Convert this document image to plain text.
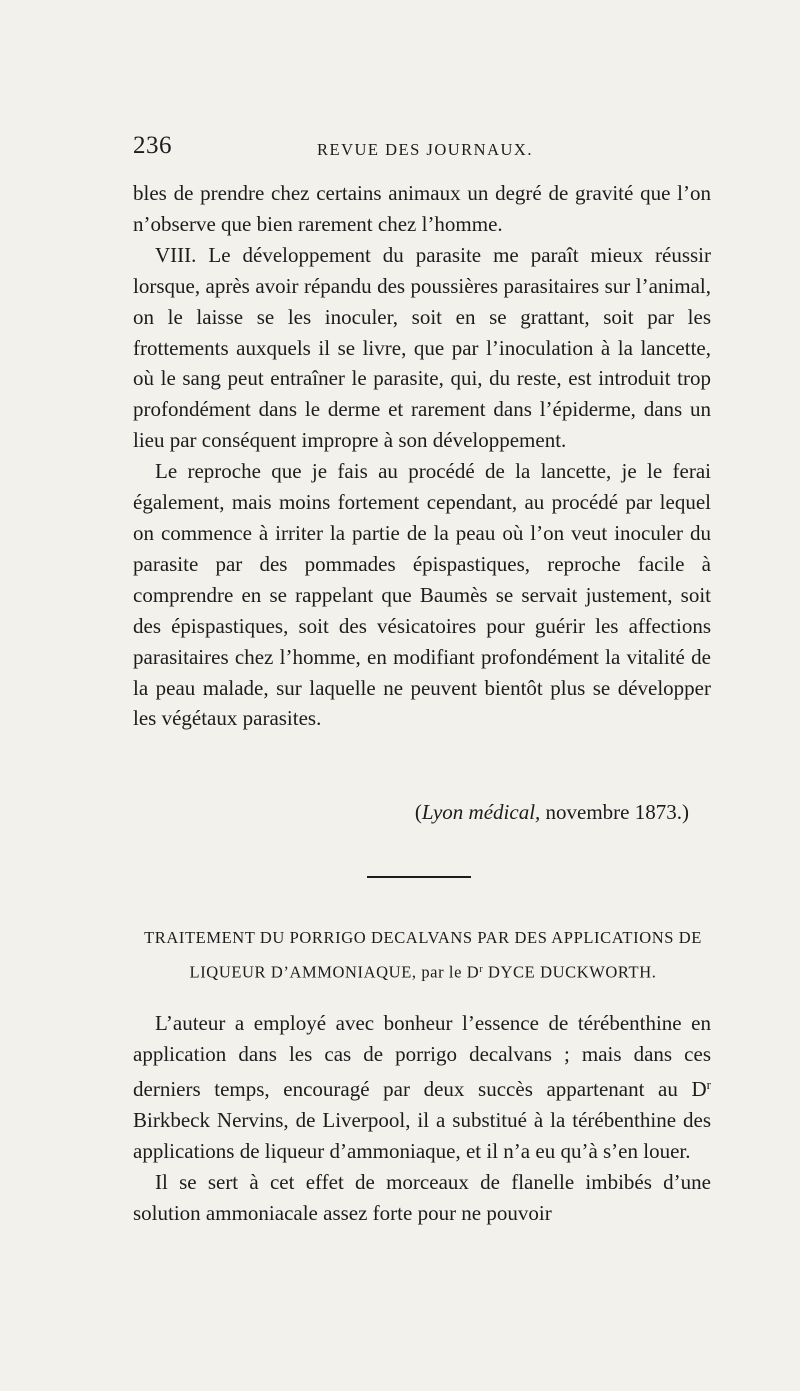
236	REVUE DES JOURNAUX.

bles de prendre chez certains animaux un degré de gravité que l’on n’observe que bien rarement chez l’homme.

VIII. Le développement du parasite me paraît mieux réussir lorsque, après avoir répandu des poussières parasitaires sur l’animal, on le laisse se les inoculer, soit en se grattant, soit par les frottements auxquels il se livre, que par l’inoculation à la lancette, où le sang peut entraîner le parasite, qui, du reste, est introduit trop profondément dans le derme et rarement dans l’épiderme, dans un lieu par conséquent impropre à son développement.

Le reproche que je fais au procédé de la lancette, je le ferai également, mais moins fortement cependant, au procédé par lequel on commence à irriter la partie de la peau où l’on veut inoculer du parasite par des pommades épispastiques, reproche facile à comprendre en se rappelant que Baumès se servait justement, soit des épispastiques, soit des vésicatoires pour guérir les affections parasitaires chez l’homme, en modifiant profondément la vitalité de la peau malade, sur laquelle ne peuvent bientôt plus se développer les végétaux parasites.

(Lyon médical, novembre 1873.)
TRAITEMENT DU PORRIGO DECALVANS PAR DES APPLICATIONS DE
LIQUEUR D’AMMONIAQUE, par le $D^r$ DYCE DUCKWORTH.

L’auteur a employé avec bonheur l’essence de térébenthine en application dans les cas de porrigo decalvans ; mais dans ces derniers temps, encouragé par deux succès appartenant au $D^r$ Birkbeck Nervins, de Liverpool, il a substitué à la térébenthine des applications de liqueur d’ammoniaque, et il n’a eu qu’à s’en louer.

Il se sert à cet effet de morceaux de flanelle imbibés d’une solution ammoniacale assez forte pour ne pouvoir
